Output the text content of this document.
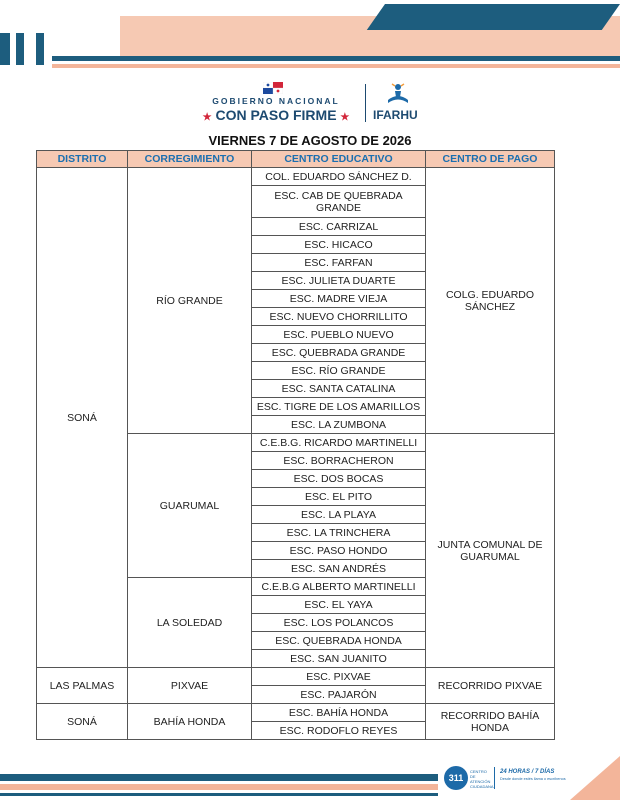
GOBIERNO NACIONAL
★ CON PASO FIRME ★	IFARHU
VIERNES 7 DE AGOSTO DE 2026
DISTRITO	CORREGIMIENTO	CENTRO EDUCATIVO	CENTRO DE PAGO
SONÁ	RÍO GRANDE	COL. EDUARDO SÁNCHEZ D.	COLG. EDUARDO SÁNCHEZ
		ESC. CAB DE QUEBRADA GRANDE	
		ESC. CARRIZAL	
		ESC. HICACO	
		ESC. FARFAN	
		ESC. JULIETA DUARTE	
		ESC. MADRE VIEJA	
		ESC. NUEVO CHORRILLITO	
		ESC. PUEBLO NUEVO	
		ESC. QUEBRADA GRANDE	
		ESC. RÍO GRANDE	
		ESC. SANTA CATALINA	
		ESC. TIGRE DE LOS AMARILLOS	
		ESC. LA ZUMBONA	
	GUARUMAL	C.E.B.G. RICARDO MARTINELLI	JUNTA COMUNAL DE GUARUMAL
		ESC. BORRACHERON	
		ESC. DOS BOCAS	
		ESC. EL PITO	
		ESC. LA PLAYA	
		ESC. LA TRINCHERA	
		ESC. PASO HONDO	
		ESC. SAN ANDRÉS	
	LA SOLEDAD	C.E.B.G ALBERTO MARTINELLI	
		ESC. EL YAYA	
		ESC. LOS POLANCOS	
		ESC. QUEBRADA HONDA	
		ESC. SAN JUANITO	
LAS PALMAS	PIXVAE	ESC. PIXVAE	RECORRIDO PIXVAE
		ESC. PAJARÓN	
SONÁ	BAHÍA HONDA	ESC. BAHÍA HONDA	RECORRIDO BAHÍA HONDA
		ESC. RODOFLO REYES	
311
CENTRO DE ATENCIÓN CIUDADANA
24 HORAS / 7 DÍAS
Desde donde estés llama o escríbenos
